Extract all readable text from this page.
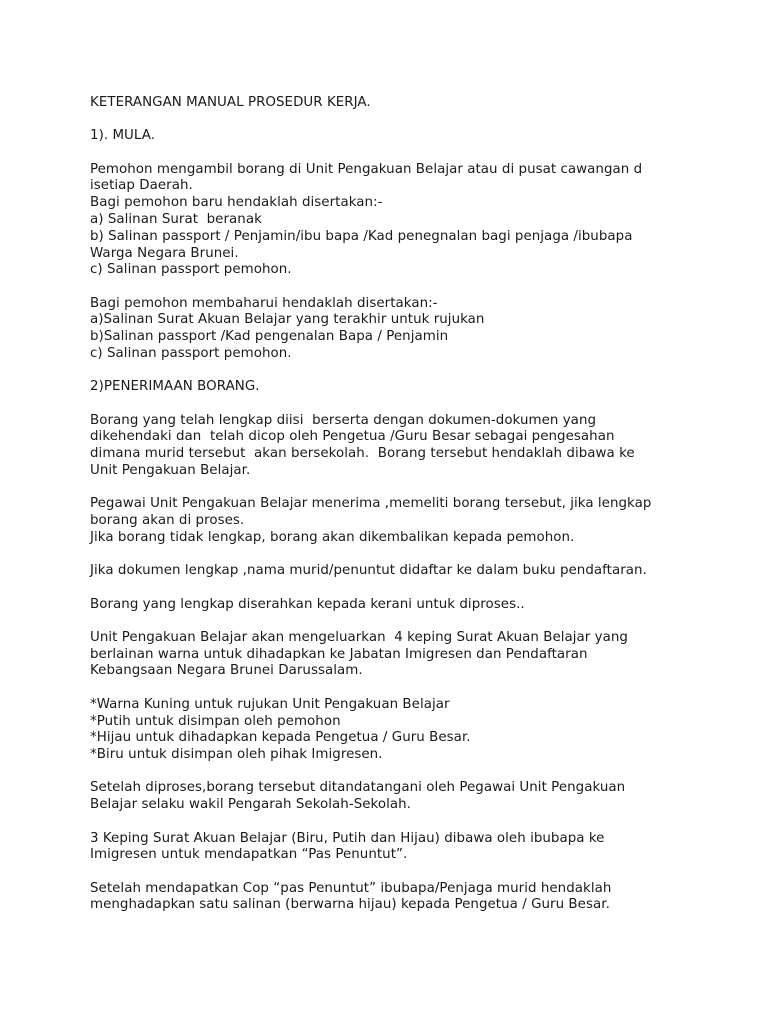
KETERANGAN MANUAL PROSEDUR KERJA.
1). MULA.
Pemohon mengambil borang di Unit Pengakuan Belajar atau di pusat cawangan d
isetiap Daerah.
Bagi pemohon baru hendaklah disertakan:-
a) Salinan Surat  beranak
b) Salinan passport / Penjamin/ibu bapa /Kad penegnalan bagi penjaga /ibubapa
Warga Negara Brunei.
c) Salinan passport pemohon.
Bagi pemohon membaharui hendaklah disertakan:-
a)Salinan Surat Akuan Belajar yang terakhir untuk rujukan
b)Salinan passport /Kad pengenalan Bapa / Penjamin
c) Salinan passport pemohon.
2)PENERIMAAN BORANG.
Borang yang telah lengkap diisi  berserta dengan dokumen-dokumen yang
dikehendaki dan  telah dicop oleh Pengetua /Guru Besar sebagai pengesahan
dimana murid tersebut  akan bersekolah.  Borang tersebut hendaklah dibawa ke
Unit Pengakuan Belajar.
Pegawai Unit Pengakuan Belajar menerima ,memeliti borang tersebut, jika lengkap
borang akan di proses.
Jika borang tidak lengkap, borang akan dikembalikan kepada pemohon.
Jika dokumen lengkap ,nama murid/penuntut didaftar ke dalam buku pendaftaran.
Borang yang lengkap diserahkan kepada kerani untuk diproses..
Unit Pengakuan Belajar akan mengeluarkan  4 keping Surat Akuan Belajar yang
berlainan warna untuk dihadapkan ke Jabatan Imigresen dan Pendaftaran
Kebangsaan Negara Brunei Darussalam.
*Warna Kuning untuk rujukan Unit Pengakuan Belajar
*Putih untuk disimpan oleh pemohon
*Hijau untuk dihadapkan kepada Pengetua / Guru Besar.
*Biru untuk disimpan oleh pihak Imigresen.
Setelah diproses,borang tersebut ditandatangani oleh Pegawai Unit Pengakuan
Belajar selaku wakil Pengarah Sekolah-Sekolah.
3 Keping Surat Akuan Belajar (Biru, Putih dan Hijau) dibawa oleh ibubapa ke
Imigresen untuk mendapatkan “Pas Penuntut”.
Setelah mendapatkan Cop “pas Penuntut” ibubapa/Penjaga murid hendaklah
menghadapkan satu salinan (berwarna hijau) kepada Pengetua / Guru Besar.
